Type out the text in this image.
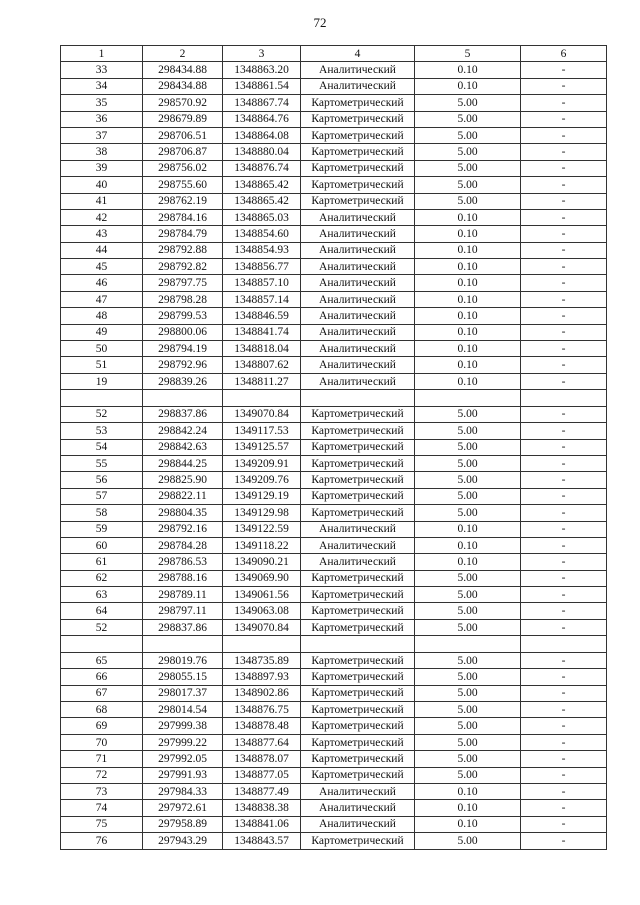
72
1	2	3	4	5	6
33	298434.88	1348863.20	Аналитический	0.10	-
34	298434.88	1348861.54	Аналитический	0.10	-
35	298570.92	1348867.74	Картометрический	5.00	-
36	298679.89	1348864.76	Картометрический	5.00	-
37	298706.51	1348864.08	Картометрический	5.00	-
38	298706.87	1348880.04	Картометрический	5.00	-
39	298756.02	1348876.74	Картометрический	5.00	-
40	298755.60	1348865.42	Картометрический	5.00	-
41	298762.19	1348865.42	Картометрический	5.00	-
42	298784.16	1348865.03	Аналитический	0.10	-
43	298784.79	1348854.60	Аналитический	0.10	-
44	298792.88	1348854.93	Аналитический	0.10	-
45	298792.82	1348856.77	Аналитический	0.10	-
46	298797.75	1348857.10	Аналитический	0.10	-
47	298798.28	1348857.14	Аналитический	0.10	-
48	298799.53	1348846.59	Аналитический	0.10	-
49	298800.06	1348841.74	Аналитический	0.10	-
50	298794.19	1348818.04	Аналитический	0.10	-
51	298792.96	1348807.62	Аналитический	0.10	-
19	298839.26	1348811.27	Аналитический	0.10	-

52	298837.86	1349070.84	Картометрический	5.00	-
53	298842.24	1349117.53	Картометрический	5.00	-
54	298842.63	1349125.57	Картометрический	5.00	-
55	298844.25	1349209.91	Картометрический	5.00	-
56	298825.90	1349209.76	Картометрический	5.00	-
57	298822.11	1349129.19	Картометрический	5.00	-
58	298804.35	1349129.98	Картометрический	5.00	-
59	298792.16	1349122.59	Аналитический	0.10	-
60	298784.28	1349118.22	Аналитический	0.10	-
61	298786.53	1349090.21	Аналитический	0.10	-
62	298788.16	1349069.90	Картометрический	5.00	-
63	298789.11	1349061.56	Картометрический	5.00	-
64	298797.11	1349063.08	Картометрический	5.00	-
52	298837.86	1349070.84	Картометрический	5.00	-

65	298019.76	1348735.89	Картометрический	5.00	-
66	298055.15	1348897.93	Картометрический	5.00	-
67	298017.37	1348902.86	Картометрический	5.00	-
68	298014.54	1348876.75	Картометрический	5.00	-
69	297999.38	1348878.48	Картометрический	5.00	-
70	297999.22	1348877.64	Картометрический	5.00	-
71	297992.05	1348878.07	Картометрический	5.00	-
72	297991.93	1348877.05	Картометрический	5.00	-
73	297984.33	1348877.49	Аналитический	0.10	-
74	297972.61	1348838.38	Аналитический	0.10	-
75	297958.89	1348841.06	Аналитический	0.10	-
76	297943.29	1348843.57	Картометрический	5.00	-
